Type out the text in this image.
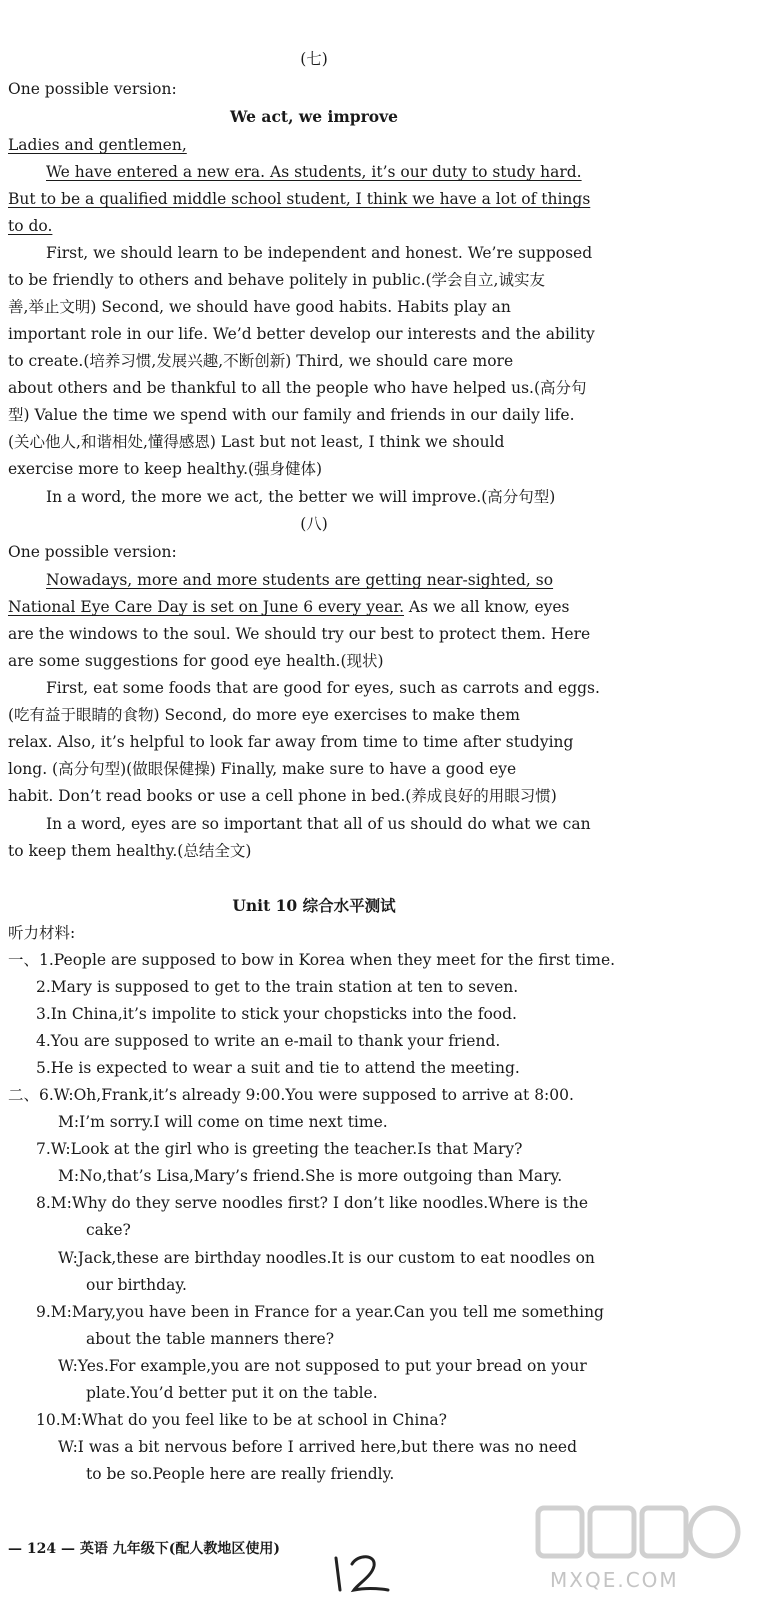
(七)
One possible version:
We act, we improve
Ladies and gentlemen,
We have entered a new era. As students, it’s our duty to study hard.
But to be a qualified middle school student, I think we have a lot of things
to do.
First, we should learn to be independent and honest. We’re supposed
to be friendly to others and behave politely in public.(学会自立,诚实友
善,举止文明) Second, we should have good habits. Habits play an
important role in our life. We’d better develop our interests and the ability
to create.(培养习惯,发展兴趣,不断创新) Third, we should care more
about others and be thankful to all the people who have helped us.(高分句
型) Value the time we spend with our family and friends in our daily life.
(关心他人,和谐相处,懂得感恩) Last but not least, I think we should
exercise more to keep healthy.(强身健体)
In a word, the more we act, the better we will improve.(高分句型)
(八)
One possible version:
Nowadays, more and more students are getting near-sighted, so
National Eye Care Day is set on June 6 every year. As we all know, eyes
are the windows to the soul. We should try our best to protect them. Here
are some suggestions for good eye health.(现状)
First, eat some foods that are good for eyes, such as carrots and eggs.
(吃有益于眼睛的食物) Second, do more eye exercises to make them
relax. Also, it’s helpful to look far away from time to time after studying
long. (高分句型)(做眼保健操) Finally, make sure to have a good eye
habit. Don’t read books or use a cell phone in bed.(养成良好的用眼习惯)
In a word, eyes are so important that all of us should do what we can
to keep them healthy.(总结全文)
Unit 10 综合水平测试
听力材料:
一、1.People are supposed to bow in Korea when they meet for the first time.
2.Mary is supposed to get to the train station at ten to seven.
3.In China,it’s impolite to stick your chopsticks into the food.
4.You are supposed to write an e-mail to thank your friend.
5.He is expected to wear a suit and tie to attend the meeting.
二、6.W:Oh,Frank,it’s already 9:00.You were supposed to arrive at 8:00.
M:I’m sorry.I will come on time next time.
7.W:Look at the girl who is greeting the teacher.Is that Mary?
M:No,that’s Lisa,Mary’s friend.She is more outgoing than Mary.
8.M:Why do they serve noodles first? I don’t like noodles.Where is the
cake?
W:Jack,these are birthday noodles.It is our custom to eat noodles on
our birthday.
9.M:Mary,you have been in France for a year.Can you tell me something
about the table manners there?
W:Yes.For example,you are not supposed to put your bread on your
plate.You’d better put it on the table.
10.M:What do you feel like to be at school in China?
W:I was a bit nervous before I arrived here,but there was no need
to be so.People here are really friendly.
— 124 — 英语 九年级下(配人教地区使用)
MXQE.COM
